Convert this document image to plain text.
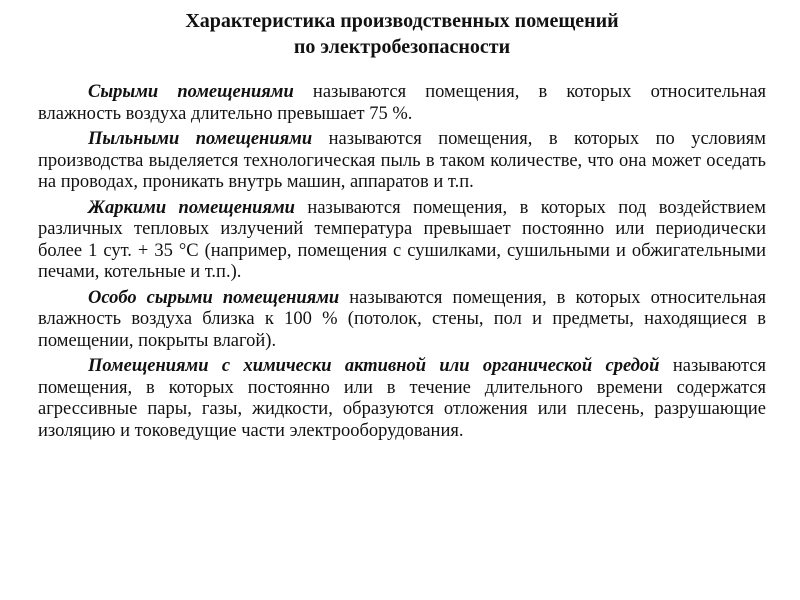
Характеристика производственных помещений
по электробезопасности

Сырыми помещениями называются помещения, в которых относительная влажность воздуха длительно превышает 75 %.

Пыльными помещениями называются помещения, в которых по условиям производства выделяется технологическая пыль в таком количестве, что она может оседать на проводах, проникать внутрь машин, аппаратов и т.п.

Жаркими помещениями называются помещения, в которых под воздействием различных тепловых излучений температура превышает постоянно или периодически более 1 сут. + 35 °С (например, помещения с сушилками, сушильными и обжигательными печами, котельные и т.п.).

Особо сырыми помещениями называются помещения, в которых относительная влажность воздуха близка к 100 % (потолок, стены, пол и предметы, находящиеся в помещении, покрыты влагой).

Помещениями с химически активной или органической средой называются помещения, в которых постоянно или в течение длительного времени содержатся агрессивные пары, газы, жидкости, образуются отложения или плесень, разрушающие изоляцию и токоведущие части электрооборудования.
